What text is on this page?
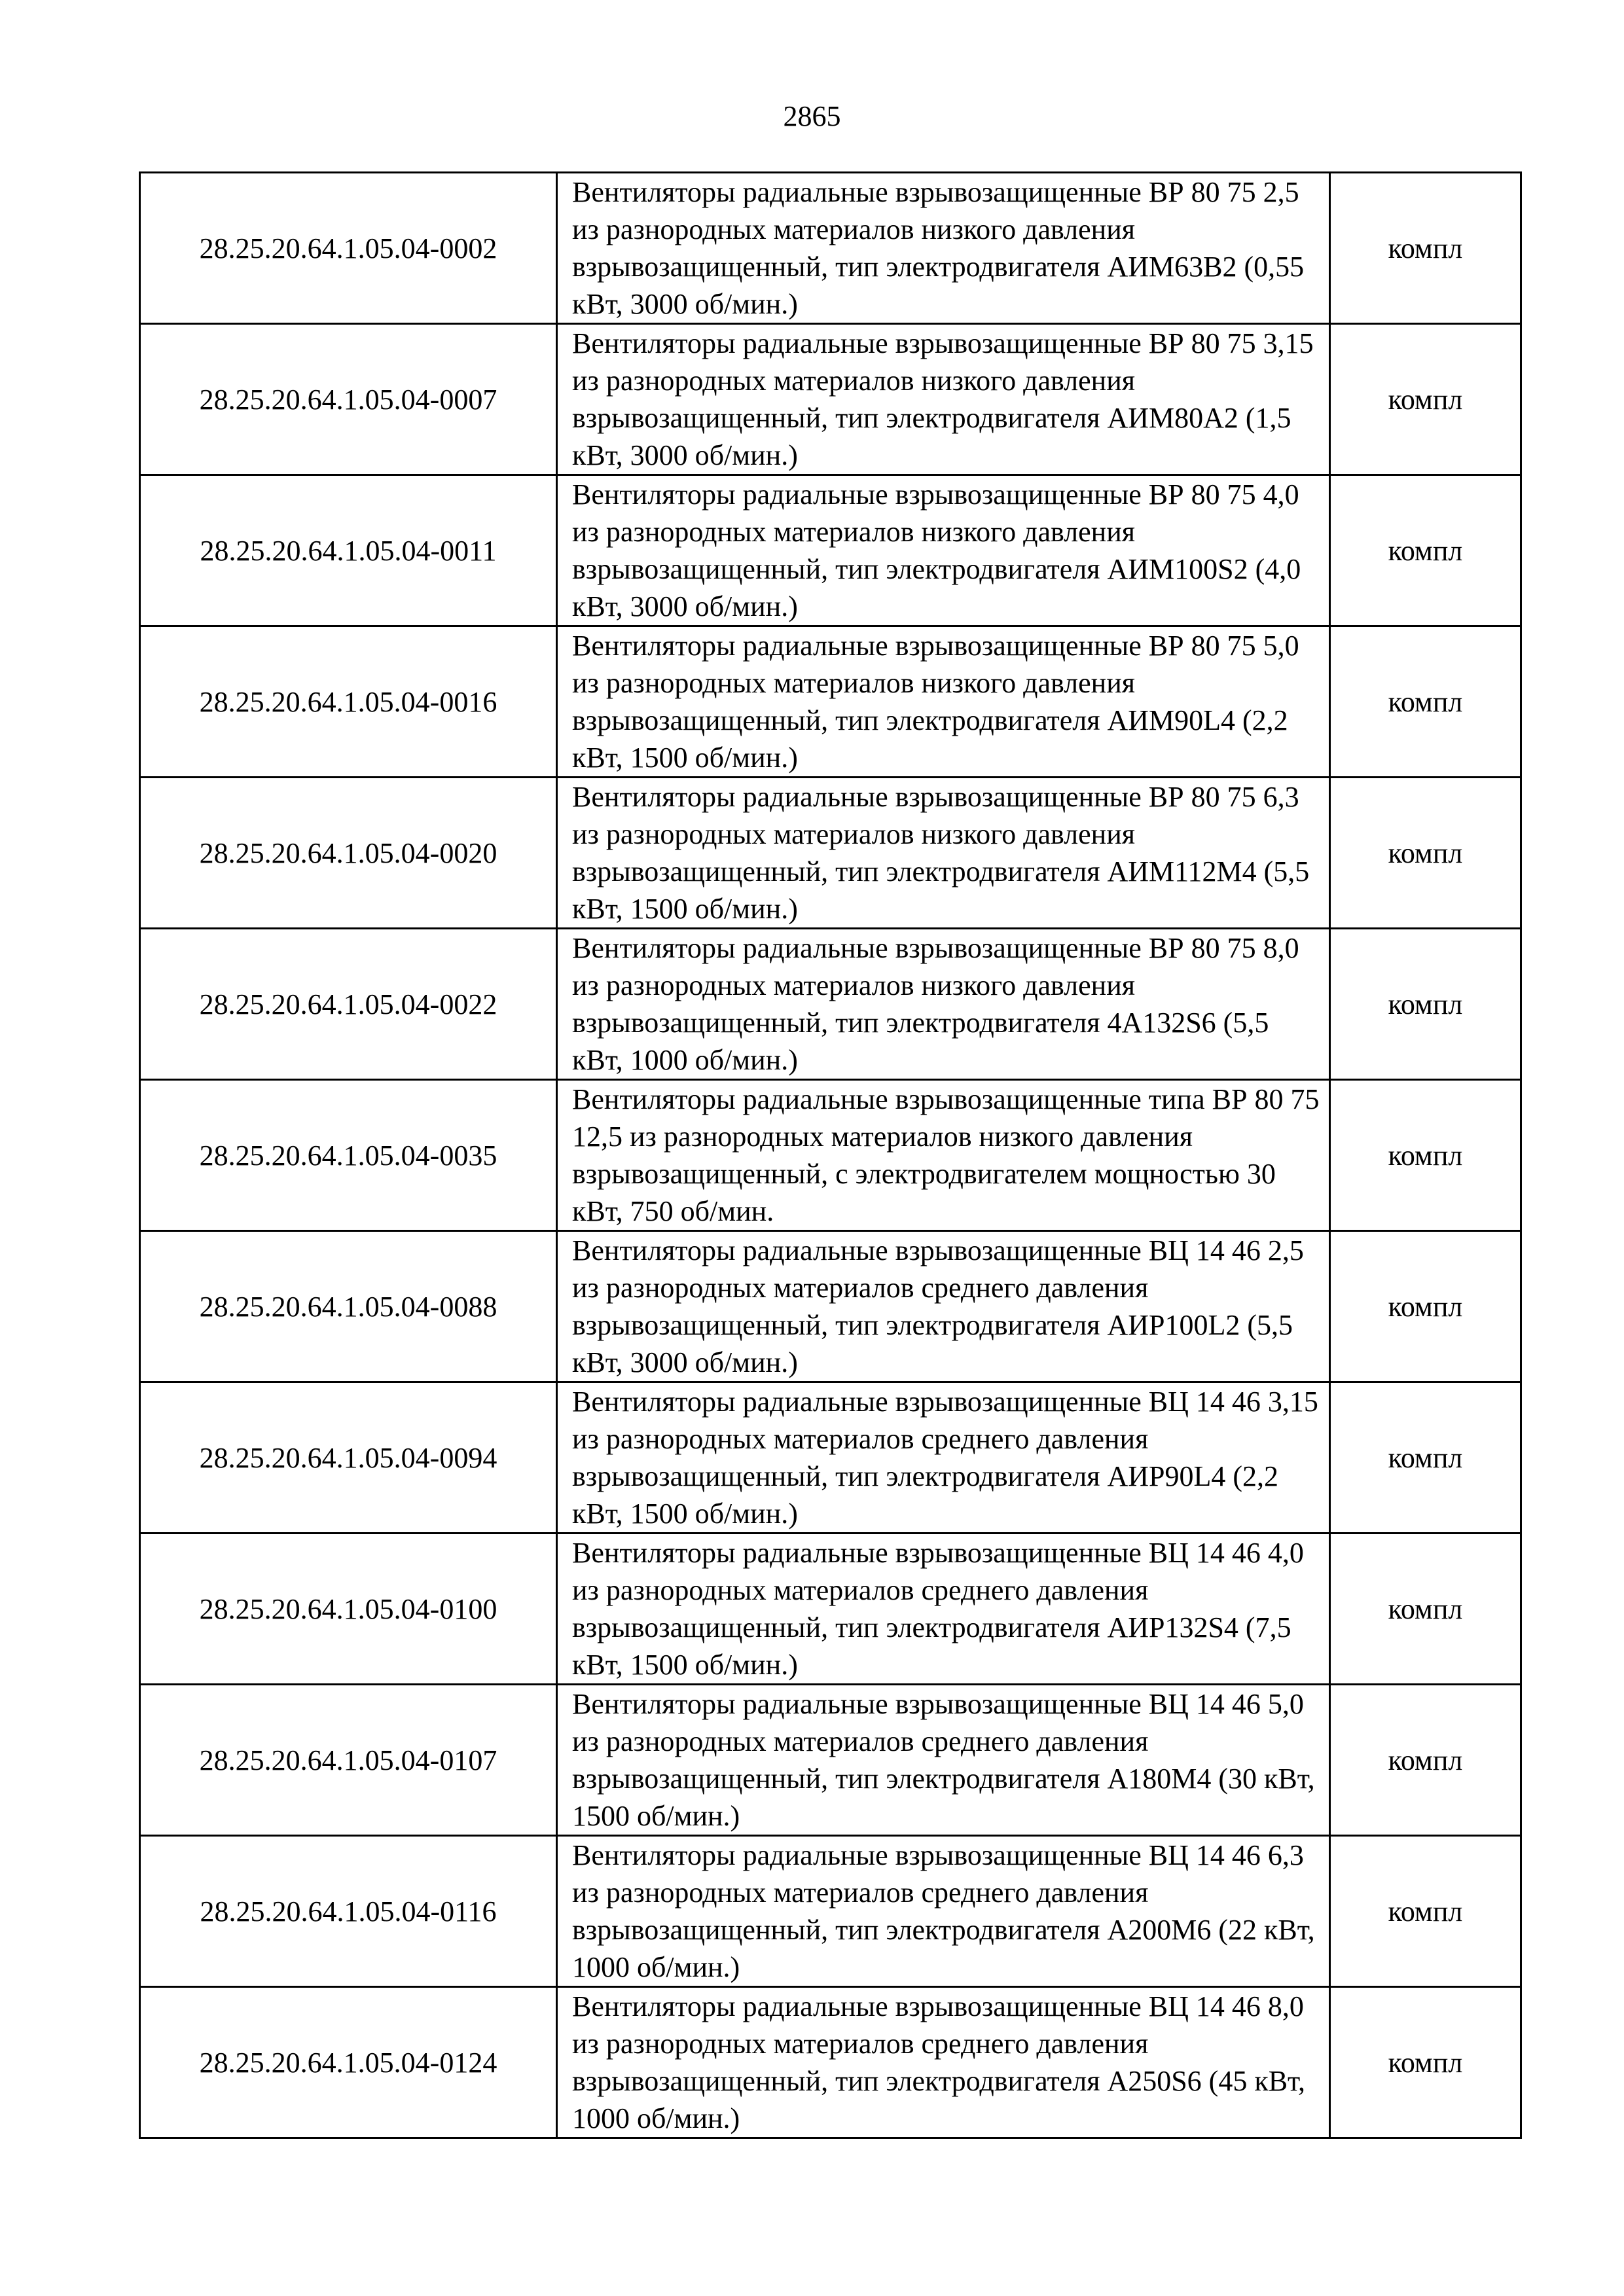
2865
28.25.20.64.1.05.04-0002	Вентиляторы радиальные взрывозащищенные ВР 80 75 2,5 из разнородных материалов низкого давления взрывозащищенный, тип электродвигателя АИМ63В2 (0,55 кВт, 3000 об/мин.)	компл
28.25.20.64.1.05.04-0007	Вентиляторы радиальные взрывозащищенные ВР 80 75 3,15 из разнородных материалов низкого давления взрывозащищенный, тип электродвигателя АИМ80А2 (1,5 кВт, 3000 об/мин.)	компл
28.25.20.64.1.05.04-0011	Вентиляторы радиальные взрывозащищенные ВР 80 75 4,0 из разнородных материалов низкого давления взрывозащищенный, тип электродвигателя АИМ100S2 (4,0 кВт, 3000 об/мин.)	компл
28.25.20.64.1.05.04-0016	Вентиляторы радиальные взрывозащищенные ВР 80 75 5,0 из разнородных материалов низкого давления взрывозащищенный, тип электродвигателя АИМ90L4 (2,2 кВт, 1500 об/мин.)	компл
28.25.20.64.1.05.04-0020	Вентиляторы радиальные взрывозащищенные ВР 80 75 6,3 из разнородных материалов низкого давления взрывозащищенный, тип электродвигателя АИМ112М4 (5,5 кВт, 1500 об/мин.)	компл
28.25.20.64.1.05.04-0022	Вентиляторы радиальные взрывозащищенные ВР 80 75 8,0 из разнородных материалов низкого давления взрывозащищенный, тип электродвигателя 4А132S6 (5,5 кВт, 1000 об/мин.)	компл
28.25.20.64.1.05.04-0035	Вентиляторы радиальные взрывозащищенные типа ВР 80 75 12,5 из разнородных материалов низкого давления взрывозащищенный, с электродвигателем мощностью 30 кВт, 750 об/мин.	компл
28.25.20.64.1.05.04-0088	Вентиляторы радиальные взрывозащищенные ВЦ 14 46 2,5 из разнородных материалов среднего давления взрывозащищенный, тип электродвигателя АИР100L2 (5,5 кВт, 3000 об/мин.)	компл
28.25.20.64.1.05.04-0094	Вентиляторы радиальные взрывозащищенные ВЦ 14 46 3,15 из разнородных материалов среднего давления взрывозащищенный, тип электродвигателя АИР90L4 (2,2 кВт, 1500 об/мин.)	компл
28.25.20.64.1.05.04-0100	Вентиляторы радиальные взрывозащищенные ВЦ 14 46 4,0 из разнородных материалов среднего давления взрывозащищенный, тип электродвигателя АИР132S4 (7,5 кВт, 1500 об/мин.)	компл
28.25.20.64.1.05.04-0107	Вентиляторы радиальные взрывозащищенные ВЦ 14 46 5,0 из разнородных материалов среднего давления взрывозащищенный, тип электродвигателя А180М4 (30 кВт, 1500 об/мин.)	компл
28.25.20.64.1.05.04-0116	Вентиляторы радиальные взрывозащищенные ВЦ 14 46 6,3 из разнородных материалов среднего давления взрывозащищенный, тип электродвигателя А200М6 (22 кВт, 1000 об/мин.)	компл
28.25.20.64.1.05.04-0124	Вентиляторы радиальные взрывозащищенные ВЦ 14 46 8,0 из разнородных материалов среднего давления взрывозащищенный, тип электродвигателя А250S6 (45 кВт, 1000 об/мин.)	компл
